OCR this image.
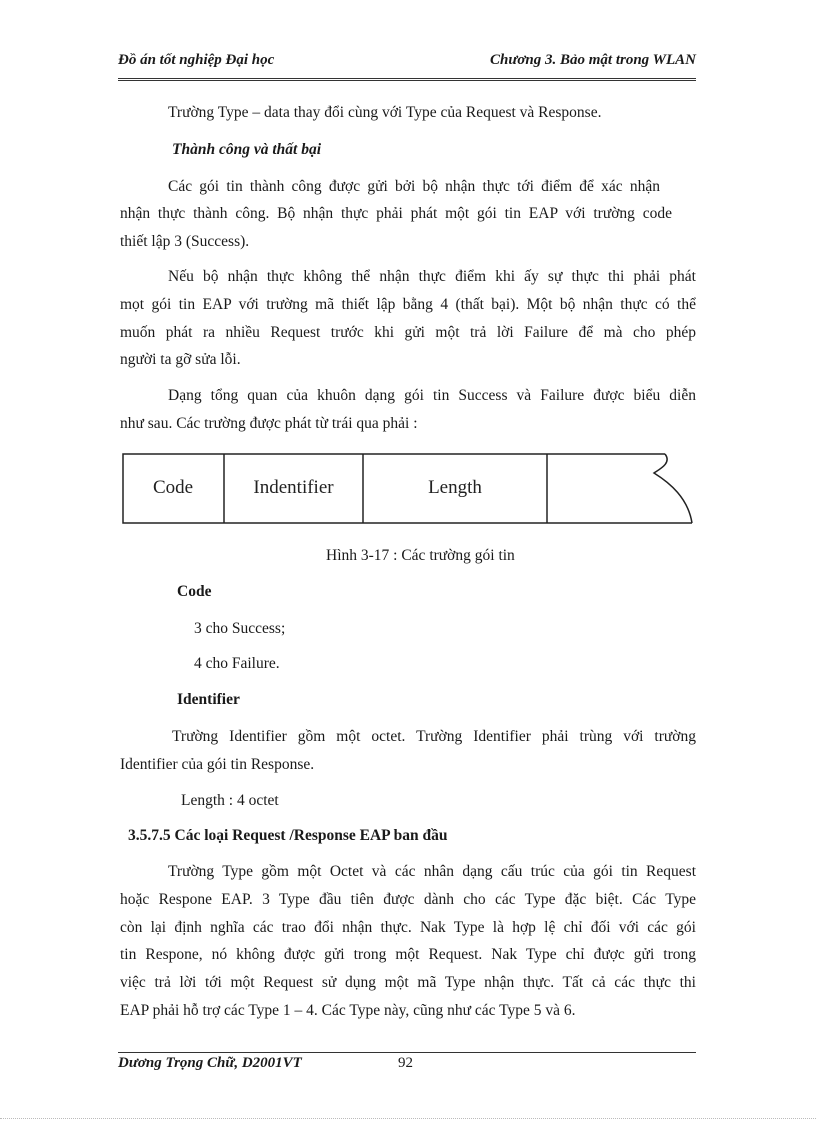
Đồ án tốt nghiệp Đại học	Chương 3. Bảo mật trong WLAN
Trường Type – data thay đổi cùng với Type của Request và Response.
Thành công và thất bại
Các gói tin thành công được gửi bởi bộ nhận thực tới điểm để xác nhận
nhận thực thành công. Bộ nhận thực phải phát một gói tin EAP với trường code
thiết lập 3 (Success).
Nếu bộ nhận thực không thể nhận thực điểm khi ấy sự thực thi phải phát
mọt gói tin EAP với trường mã thiết lập bằng 4 (thất bại). Một bộ nhận thực có thể
muốn phát ra nhiều Request trước khi gửi một trả lời Failure để mà cho phép
người ta gỡ sửa lỗi.
Dạng tổng quan của khuôn dạng gói tin Success và Failure được biểu diễn
như sau. Các trường được phát từ trái qua phải :
Code	Indentifier	Length
Hình 3-17 : Các trường gói tin
Code
3 cho Success;
4 cho Failure.
Identifier
Trường Identifier gồm một octet. Trường Identifier phải trùng với trường
Identifier của gói tin Response.
Length : 4 octet
3.5.7.5 Các loại Request /Response EAP ban đầu
Trường Type gồm một Octet và các nhân dạng cấu trúc của gói tin Request
hoặc Respone EAP. 3 Type đầu tiên được dành cho các Type đặc biệt. Các Type
còn lại định nghĩa các trao đổi nhận thực. Nak Type là hợp lệ chỉ đối với các gói
tin Respone, nó không được gửi trong một Request. Nak Type chỉ được gửi trong
việc trả lời tới một Request sử dụng một mã Type nhận thực. Tất cả các thực thi
EAP phải hỗ trợ các Type 1 – 4. Các Type này, cũng như các Type 5 và 6.
Dương Trọng Chữ, D2001VT	92
